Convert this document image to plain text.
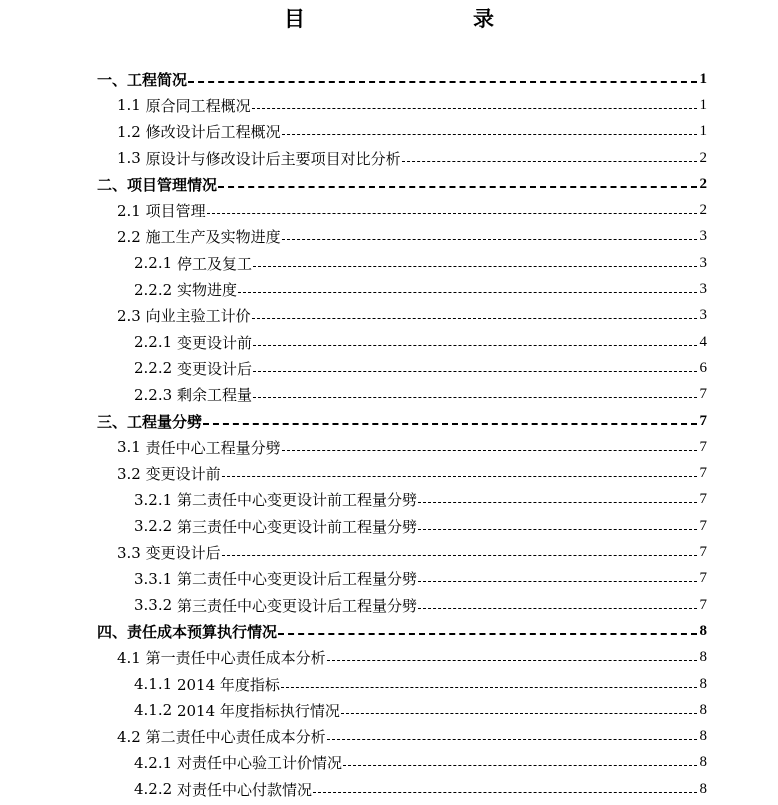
目　　录
一、 工程简况	1
1.1 原合同工程概况	1
1.2 修改设计后工程概况	1
1.3 原设计与修改设计后主要项目对比分析	2
二、 项目管理情况	2
2.1 项目管理	2
2.2 施工生产及实物进度	3
2.2.1 停工及复工	3
2.2.2 实物进度	3
2.3 向业主验工计价	3
2.2.1 变更设计前	4
2.2.2 变更设计后	6
2.2.3 剩余工程量	7
三、 工程量分劈	7
3.1 责任中心工程量分劈	7
3.2 变更设计前	7
3.2.1 第二责任中心变更设计前工程量分劈	7
3.2.2 第三责任中心变更设计前工程量分劈	7
3.3 变更设计后	7
3.3.1 第二责任中心变更设计后工程量分劈	7
3.3.2 第三责任中心变更设计后工程量分劈	7
四、 责任成本预算执行情况	8
4.1 第一责任中心责任成本分析	8
4.1.1 2014 年度指标	8
4.1.2 2014 年度指标执行情况	8
4.2 第二责任中心责任成本分析	8
4.2.1 对责任中心验工计价情况	8
4.2.2 对责任中心付款情况	8
